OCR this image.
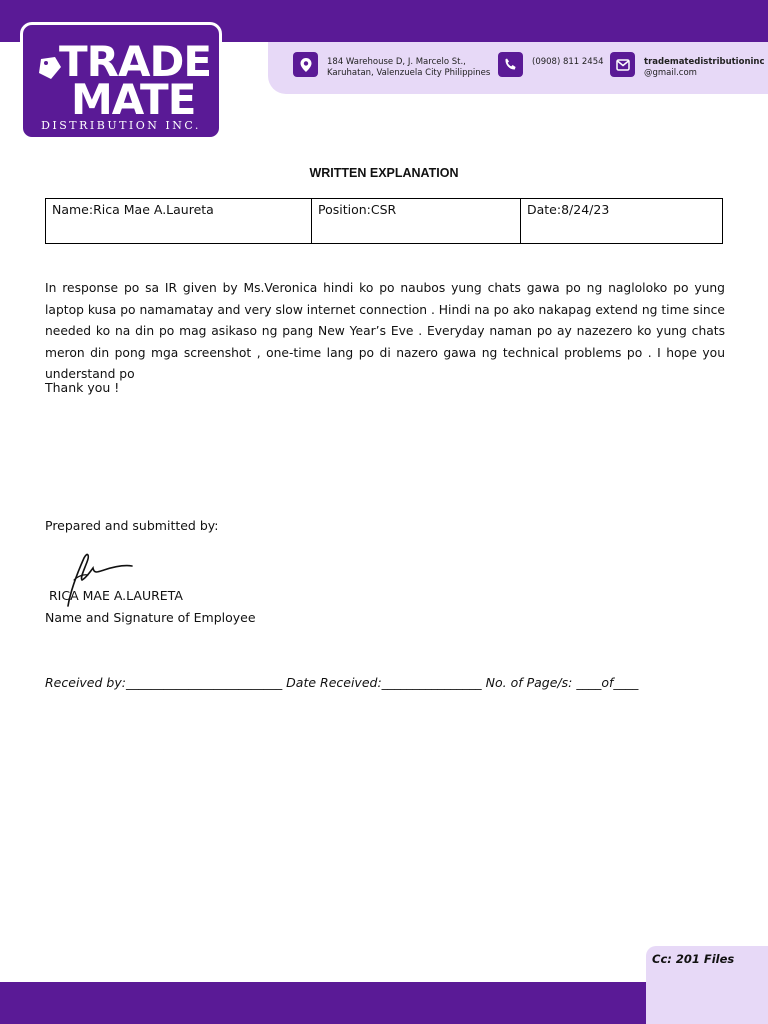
184 Warehouse D, J. Marcelo St.,
Karuhatan, Valenzuela City Philippines
(0908) 811 2454	tradematedistributioninc
@gmail.com
TRADE
MATE
DISTRIBUTION INC.
WRITTEN EXPLANATION
Name:Rica Mae A.Laureta	Position:CSR	Date:8/24/23
In response po sa IR given by Ms.Veronica hindi ko po naubos yung chats gawa po ng nagloloko po yung laptop kusa po namamatay and very slow internet connection . Hindi na po ako nakapag extend ng time since needed ko na din po mag asikaso ng pang New Year’s Eve . Everyday naman po ay nazezero ko yung chats meron din pong mga screenshot , one-time lang po di nazero gawa ng technical problems po . I hope you understand po
Thank you !
Prepared and submitted by:
RICA MAE A.LAURETA
Name and Signature of Employee
Received by:_________________________ Date Received:________________ No. of Page/s: ____of____
Cc: 201 Files
